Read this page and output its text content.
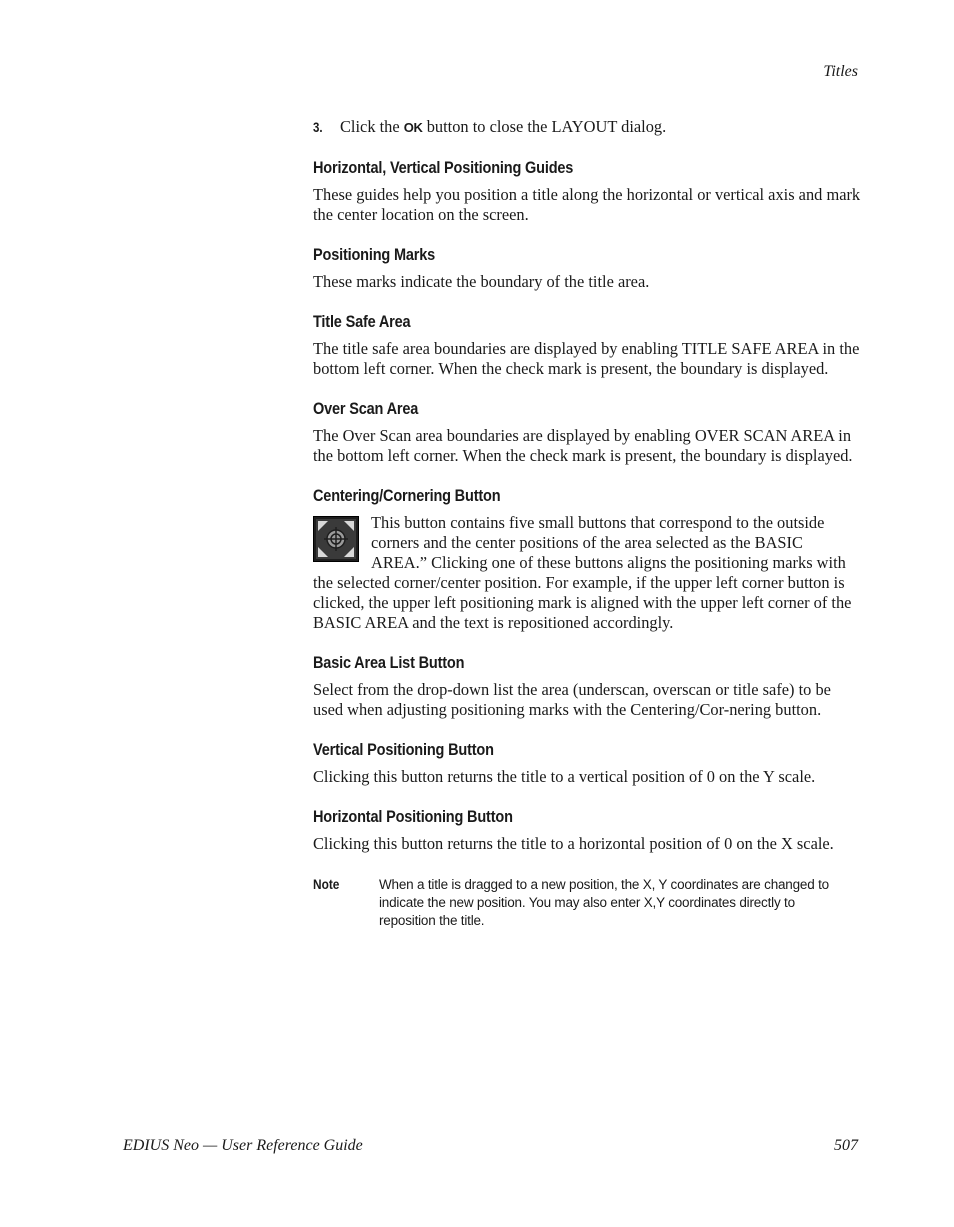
Titles
3. Click the OK button to close the LAYOUT dialog.
Horizontal, Vertical Positioning Guides

These guides help you position a title along the horizontal or vertical axis and mark the center location on the screen.

Positioning Marks

These marks indicate the boundary of the title area.

Title Safe Area

The title safe area boundaries are displayed by enabling TITLE SAFE AREA in the bottom left corner. When the check mark is present, the boundary is displayed.

Over Scan Area

The Over Scan area boundaries are displayed by enabling OVER SCAN AREA in the bottom left corner. When the check mark is present, the boundary is displayed.

Centering/Cornering Button

This button contains five small buttons that correspond to the outside corners and the center positions of the area selected as the BASIC AREA.” Clicking one of these buttons aligns the positioning marks with the selected corner/center position. For example, if the upper left corner button is clicked, the upper left positioning mark is aligned with the upper left corner of the BASIC AREA and the text is repositioned accordingly.

Basic Area List Button

Select from the drop-down list the area (underscan, overscan or title safe) to be used when adjusting positioning marks with the Centering/Cor-nering button.

Vertical Positioning Button

Clicking this button returns the title to a vertical position of 0 on the Y scale.

Horizontal Positioning Button

Clicking this button returns the title to a horizontal position of 0 on the X scale.

Note	When a title is dragged to a new position, the X, Y coordinates are changed to indicate the new position. You may also enter X,Y coordinates directly to reposition the title.
EDIUS Neo — User Reference Guide	507
